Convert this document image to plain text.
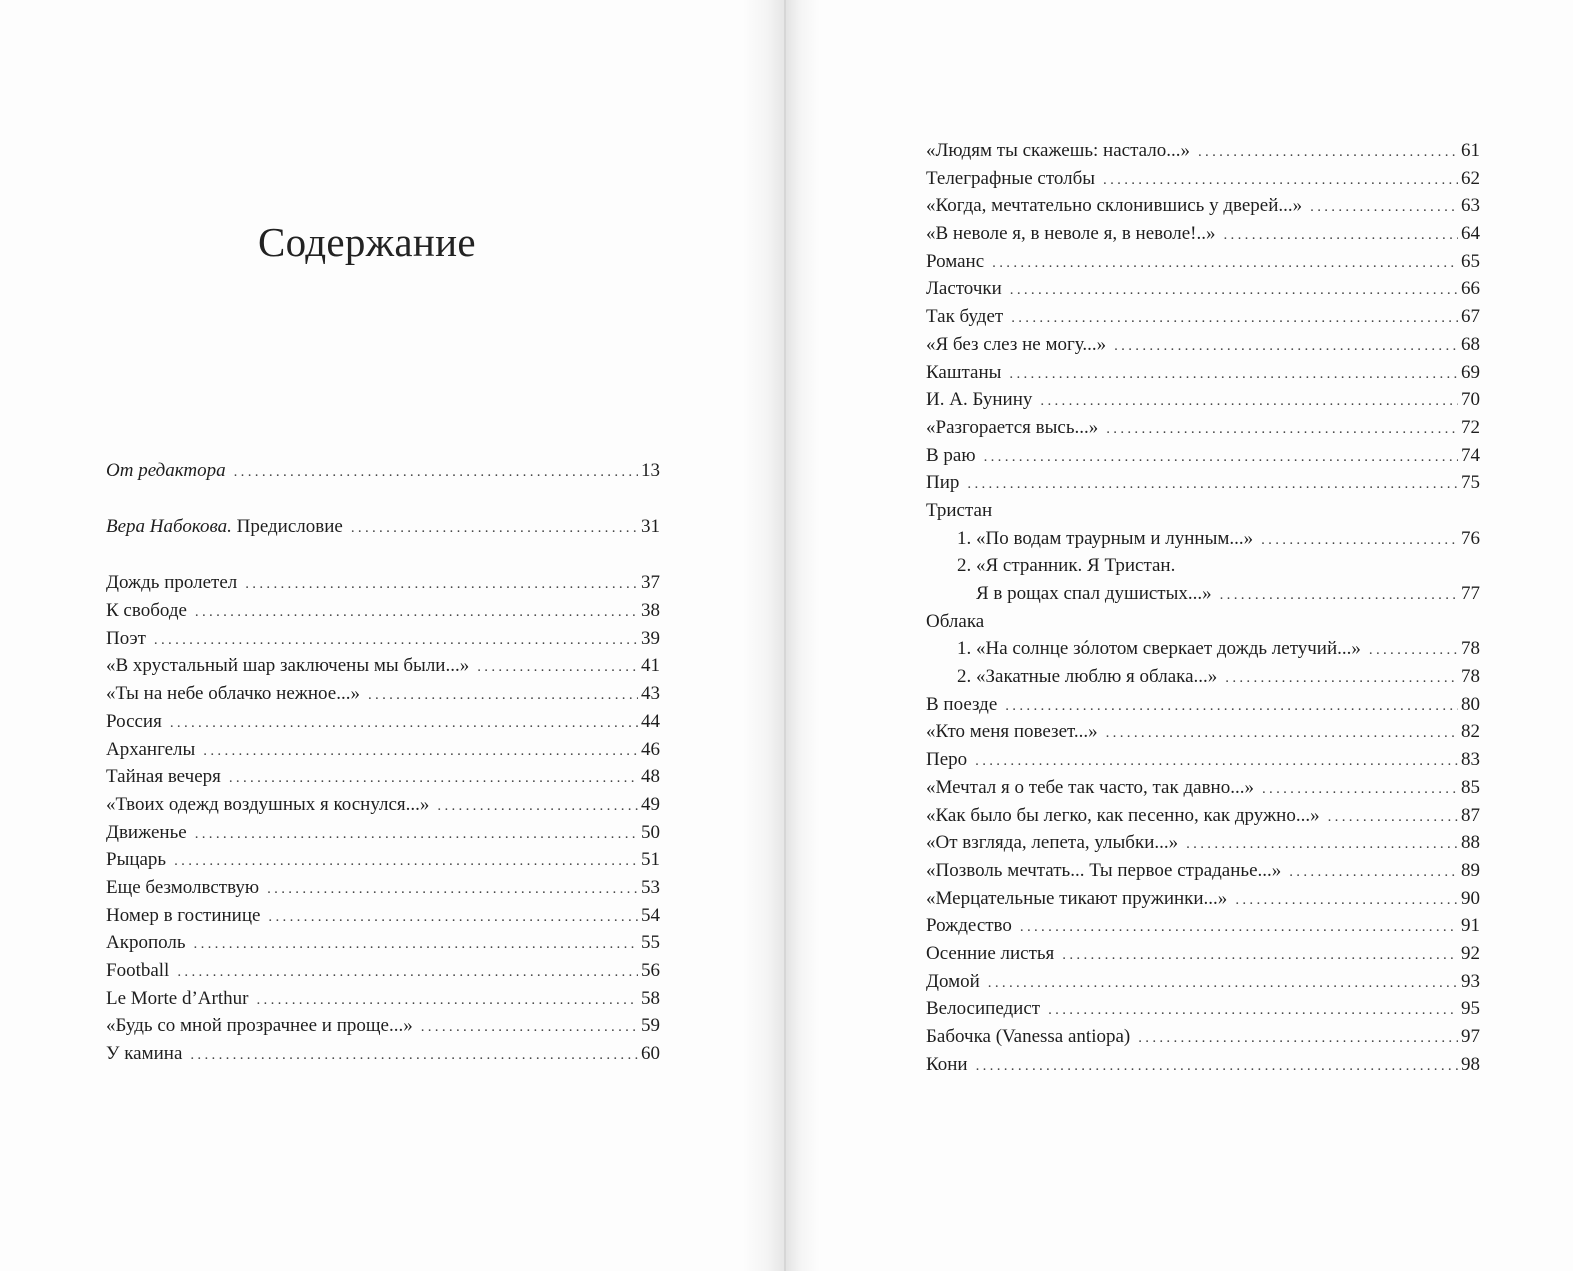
Содержание
От редактора .....	13
Вера Набокова. Предисловие .....	31
Дождь пролетел .....	37
К свободе .....	38
Поэт .....	39
«В хрустальный шар заключены мы были...» .....	41
«Ты на небе облачко нежное...» .....	43
Россия .....	44
Архангелы .....	46
Тайная вечеря .....	48
«Твоих одежд воздушных я коснулся...» .....	49
Движенье .....	50
Рыцарь .....	51
Еще безмолвствую .....	53
Номер в гостинице .....	54
Акрополь .....	55
Football .....	56
Le Morte d’Arthur .....	58
«Будь со мной прозрачнее и проще...» .....	59
У камина .....	60
«Людям ты скажешь: настало...» .....	61
Телеграфные столбы .....	62
«Когда, мечтательно склонившись у дверей...» .....	63
«В неволе я, в неволе я, в неволе!..» .....	64
Романс .....	65
Ласточки .....	66
Так будет .....	67
«Я без слез не могу...» .....	68
Каштаны .....	69
И. А. Бунину .....	70
«Разгорается высь...» .....	72
В раю .....	74
Пир .....	75
Тристан
1. «По водам траурным и лунным...» .....	76
2. «Я странник. Я Тристан.
Я в рощах спал душистых...» .....	77
Облака
1. «На солнце зóлотом сверкает дождь летучий...» .....	78
2. «Закатные люблю я облака...» .....	78
В поезде .....	80
«Кто меня повезет...» .....	82
Перо .....	83
«Мечтал я о тебе так часто, так давно...» .....	85
«Как было бы легко, как песенно, как дружно...» .....	87
«От взгляда, лепета, улыбки...» .....	88
«Позволь мечтать... Ты первое страданье...» .....	89
«Мерцательные тикают пружинки...» .....	90
Рождество .....	91
Осенние листья .....	92
Домой .....	93
Велосипедист .....	95
Бабочка (Vanessa antiopa) .....	97
Кони .....	98
